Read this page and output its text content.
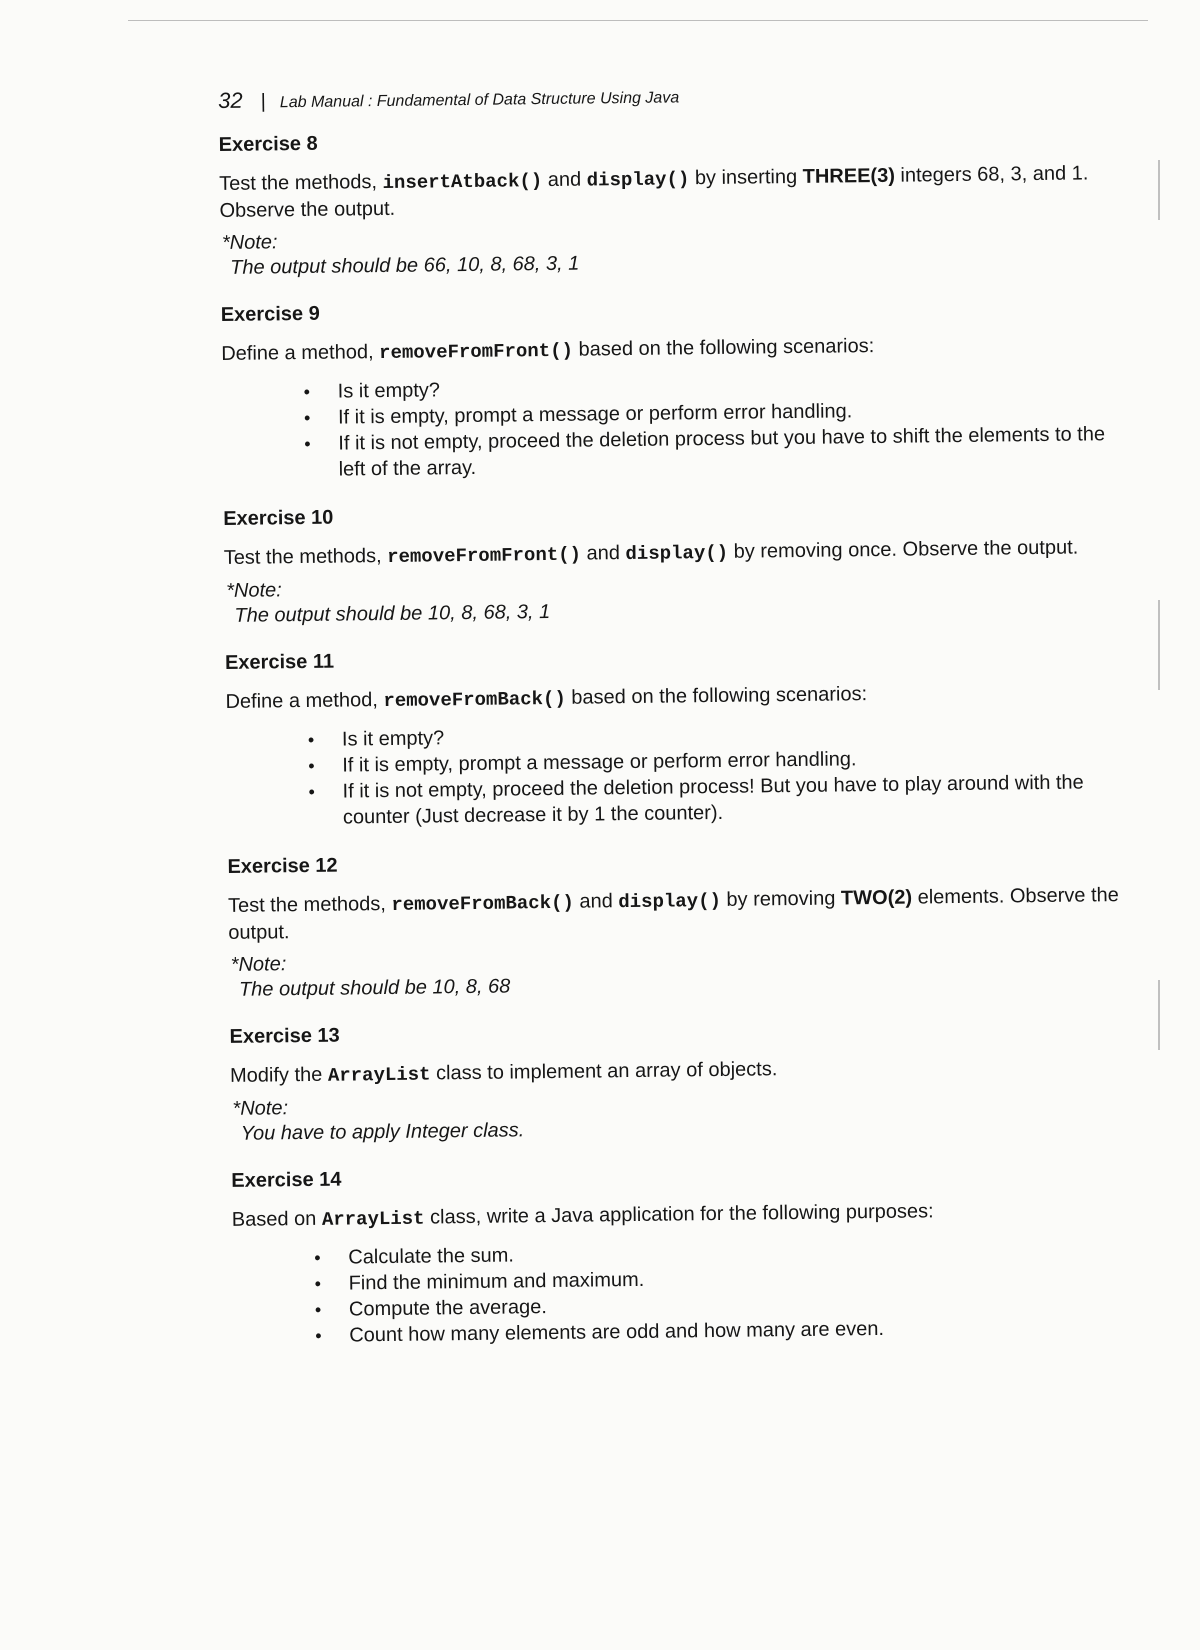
32 | Lab Manual : Fundamental of Data Structure Using Java
Exercise 8

Test the methods, insertAtback() and display() by inserting THREE(3) integers 68, 3, and 1. Observe the output.

*Note:
The output should be 66, 10, 8, 68, 3, 1
Exercise 9

Define a method, removeFromFront() based on the following scenarios:

• Is it empty?
• If it is empty, prompt a message or perform error handling.
• If it is not empty, proceed the deletion process but you have to shift the elements to the left of the array.
Exercise 10

Test the methods, removeFromFront() and display() by removing once. Observe the output.

*Note:
The output should be 10, 8, 68, 3, 1
Exercise 11

Define a method, removeFromBack() based on the following scenarios:

• Is it empty?
• If it is empty, prompt a message or perform error handling.
• If it is not empty, proceed the deletion process! But you have to play around with the counter (Just decrease it by 1 the counter).
Exercise 12

Test the methods, removeFromBack() and display() by removing TWO(2) elements. Observe the output.

*Note:
The output should be 10, 8, 68
Exercise 13

Modify the ArrayList class to implement an array of objects.

*Note:
You have to apply Integer class.
Exercise 14

Based on ArrayList class, write a Java application for the following purposes:

• Calculate the sum.
• Find the minimum and maximum.
• Compute the average.
• Count how many elements are odd and how many are even.
